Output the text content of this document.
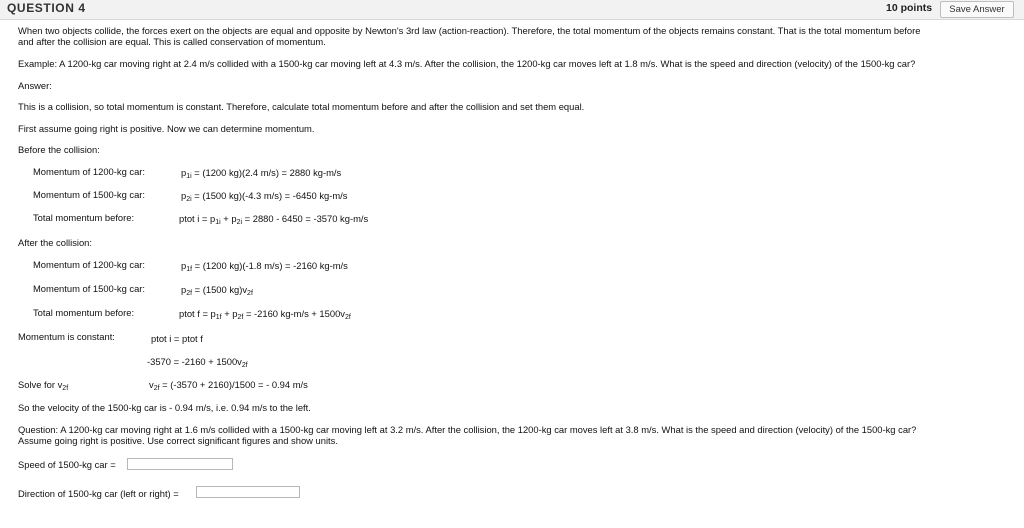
QUESTION 4	10 points	Save Answer
When two objects collide, the forces exert on the objects are equal and opposite by Newton's 3rd law (action-reaction). Therefore, the total momentum of the objects remains constant. That is the total momentum before
and after the collision are equal. This is called conservation of momentum.
Example: A 1200-kg car moving right at 2.4 m/s collided with a 1500-kg car moving left at 4.3 m/s. After the collision, the 1200-kg car moves left at 1.8 m/s. What is the speed and direction (velocity) of the 1500-kg car?
Answer:
This is a collision, so total momentum is constant. Therefore, calculate total momentum before and after the collision and set them equal.
First assume going right is positive. Now we can determine momentum.
Before the collision:
Momentum of 1200-kg car:	$p_{1i} = (1200$ kg)(2.4 m/s) = 2880 kg-m/s
Momentum of 1500-kg car:	$p_{2i} = (1500$ kg)(-4.3 m/s) = -6450 kg-m/s
Total momentum before:	ptot $i = p_{1i} + p_{2i} = 2880 - 6450 = -3570$ kg-m/s
After the collision:
Momentum of 1200-kg car:	$p_{1f} = (1200$ kg)(-1.8 m/s) = -2160 kg-m/s
Momentum of 1500-kg car:	$p_{2f} = (1500$ $kg)v_{2f}$
Total momentum before:	ptot $f = p_{1f} + p_{2f} = -2160$ $kg-m/s + 1500v_{2f}$
Momentum is constant:	ptot i = ptot f
$-3570 = -2160 + 1500v_{2f}$
Solve for $v_{2f}$	$v_{2f} = (-3570 + 2160)/1500$ = - 0.94 m/s
So the velocity of the 1500-kg car is - 0.94 m/s, i.e. 0.94 m/s to the left.
Question: A 1200-kg car moving right at 1.6 m/s collided with a 1500-kg car moving left at 3.2 m/s. After the collision, the 1200-kg car moves left at 3.8 m/s. What is the speed and direction (velocity) of the 1500-kg car?
Assume going right is positive. Use correct significant figures and show units.
Speed of 1500-kg car =
Direction of 1500-kg car (left or right) =
